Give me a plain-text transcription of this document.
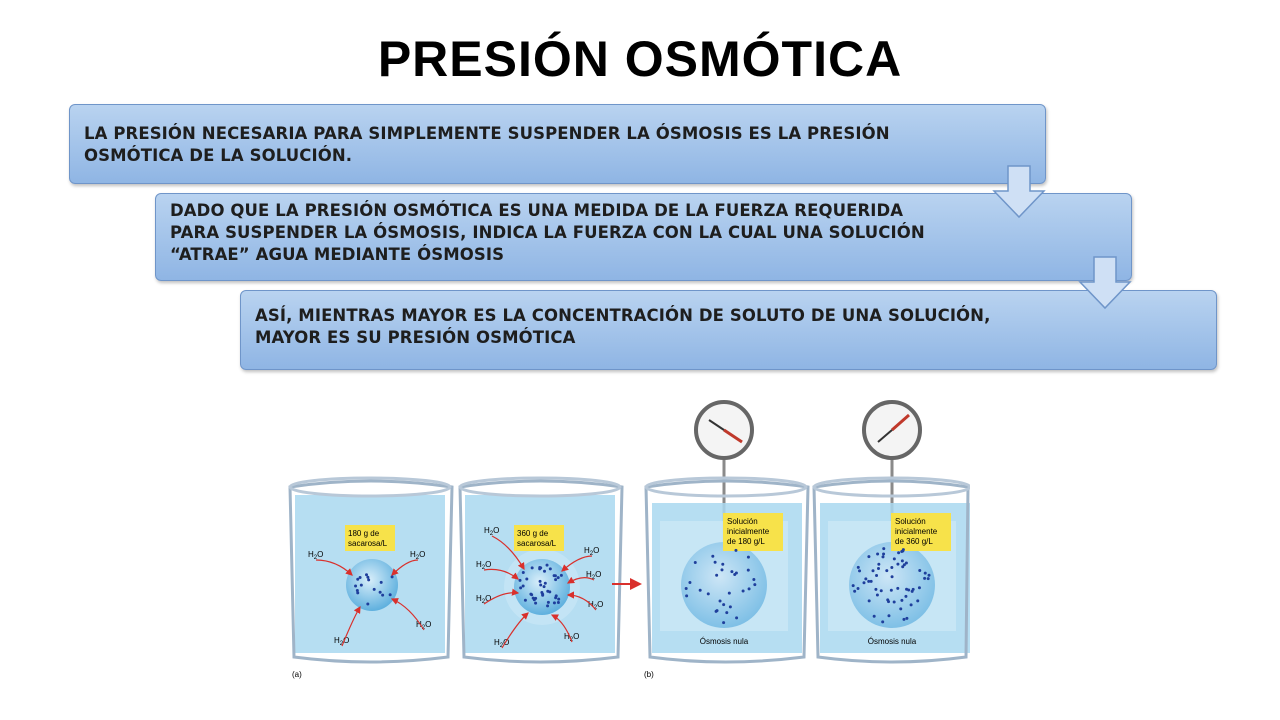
PRESIÓN OSMÓTICA
LA PRESIÓN NECESARIA PARA SIMPLEMENTE SUSPENDER LA ÓSMOSIS ES LA PRESIÓN
OSMÓTICA DE LA SOLUCIÓN.
DADO QUE LA PRESIÓN OSMÓTICA ES UNA MEDIDA DE LA FUERZA REQUERIDA
PARA SUSPENDER LA ÓSMOSIS, INDICA LA FUERZA CON LA CUAL UNA SOLUCIÓN
“ATRAE” AGUA MEDIANTE ÓSMOSIS
ASÍ, MIENTRAS MAYOR ES LA CONCENTRACIÓN DE SOLUTO DE UNA SOLUCIÓN,
MAYOR ES SU PRESIÓN OSMÓTICA
180 g de
sacarosa/L
360 g de
sacarosa/L
Solución
inicialmente
de 180 g/L
Ósmosis nula
Solución
inicialmente
de 360 g/L
Ósmosis nula
(a)	(b)
$H_2O$	$H_2O$
$H_2O$
$H_2O$
$H_2O$
$H_2O$
$H_2O$
$H_2O$
$H_2O$
$H_2O$
$H_2O$
$H_2O$
